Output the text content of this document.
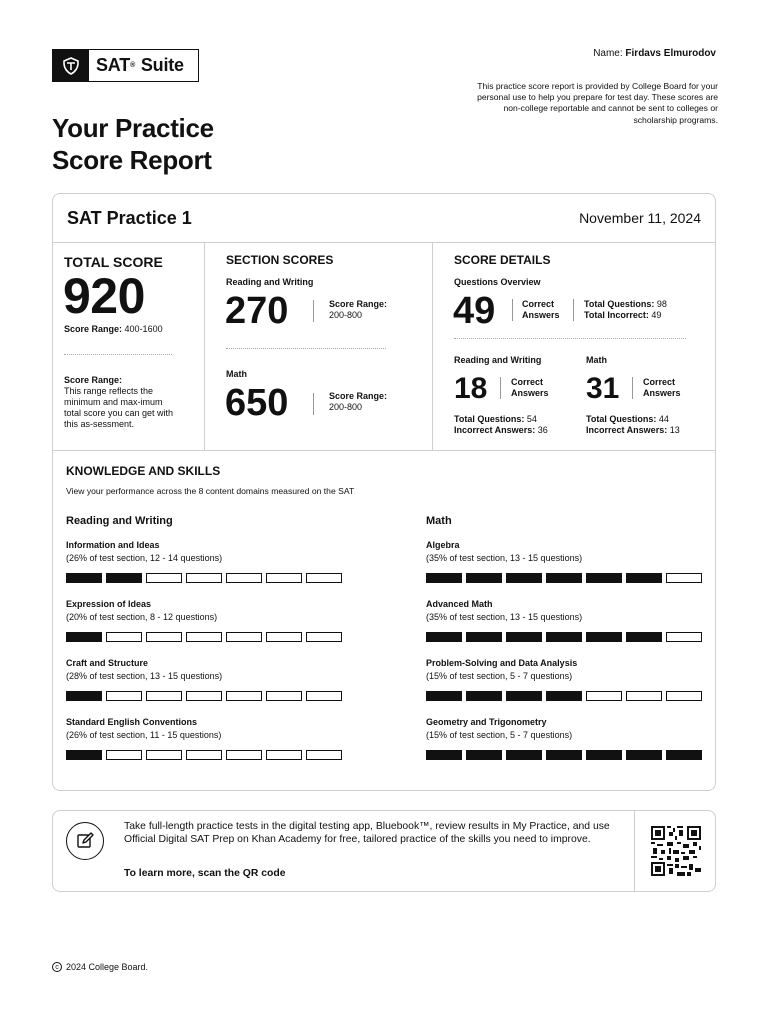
SAT ®
Suite
Name: Firdavs Elmurodov
This practice score report is provided by College Board for your personal use to help you prepare for test day. These scores are non-college reportable and cannot be sent to colleges or scholarship programs.
Your Practice
Score Report
SAT Practice 1	November 11, 2024
TOTAL SCORE
920
Score Range: 400-1600
Score Range:
This range reflects the minimum and max-imum total score you can get with this as-sessment.
SECTION SCORES
Reading and Writing
270	Score Range:
200-800
Math
650	Score Range:
200-800
SCORE DETAILS
Questions Overview
49	Correct
Answers
Total Questions: 98
Total Incorrect: 49
Reading and Writing
18	Correct
Answers
Total Questions: 54
Incorrect Answers: 36
Math
31	Correct
Answers
Total Questions: 44
Incorrect Answers: 13
KNOWLEDGE AND SKILLS
View your performance across the 8 content domains measured on the SAT
Reading and Writing
Information and Ideas
(26% of test section, 12 - 14 questions)
Expression of Ideas
(20% of test section, 8 - 12 questions)
Craft and Structure
(28% of test section, 13 - 15 questions)
Standard English Conventions
(26% of test section, 11 - 15 questions)
Math
Algebra
(35% of test section, 13 - 15 questions)
Advanced Math
(35% of test section, 13 - 15 questions)
Problem-Solving and Data Analysis
(15% of test section, 5 - 7 questions)
Geometry and Trigonometry
(15% of test section, 5 - 7 questions)
Take full-length practice tests in the digital testing app, Bluebook™, review results in My Practice, and use Official Digital SAT Prep on Khan Academy for free, tailored practice of the skills you need to improve.
To learn more, scan the QR code
c 2024 College Board.
